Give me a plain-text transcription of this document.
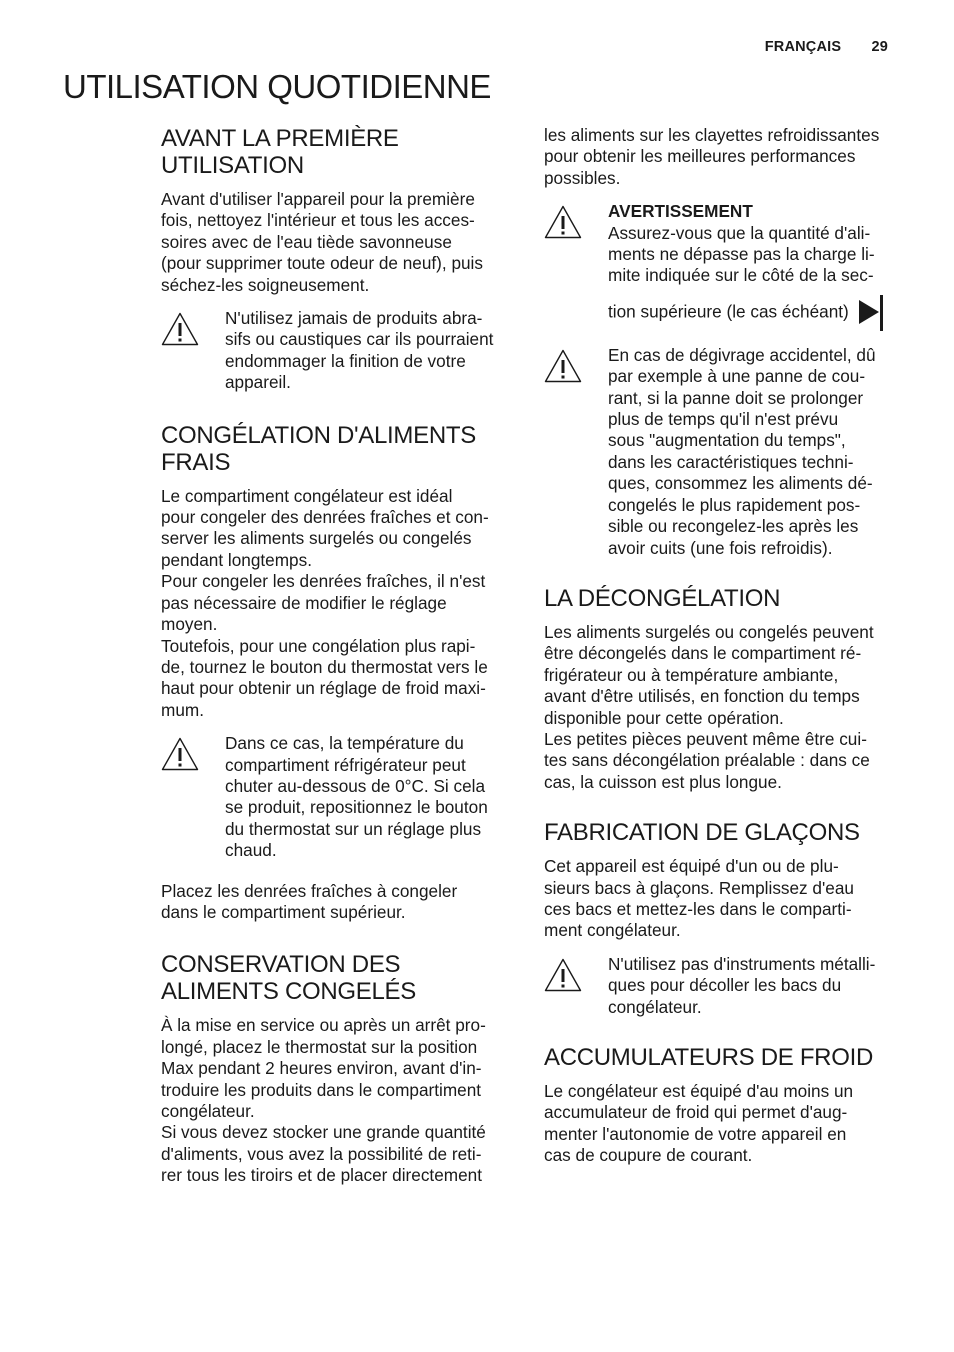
FRANÇAIS 29
UTILISATION QUOTIDIENNE
AVANT LA PREMIÈRE
UTILISATION

Avant d'utiliser l'appareil pour la première
fois, nettoyez l'intérieur et tous les acces-
soires avec de l'eau tiède savonneuse
(pour supprimer toute odeur de neuf), puis
séchez-les soigneusement.

N'utilisez jamais de produits abra-
sifs ou caustiques car ils pourraient
endommager la finition de votre
appareil.

CONGÉLATION D'ALIMENTS
FRAIS

Le compartiment congélateur est idéal
pour congeler des denrées fraîches et con-
server les aliments surgelés ou congelés
pendant longtemps.
Pour congeler les denrées fraîches, il n'est
pas nécessaire de modifier le réglage
moyen.
Toutefois, pour une congélation plus rapi-
de, tournez le bouton du thermostat vers le
haut pour obtenir un réglage de froid maxi-
mum.

Dans ce cas, la température du
compartiment réfrigérateur peut
chuter au-dessous de 0°C. Si cela
se produit, repositionnez le bouton
du thermostat sur un réglage plus
chaud.

Placez les denrées fraîches à congeler
dans le compartiment supérieur.

CONSERVATION DES
ALIMENTS CONGELÉS

À la mise en service ou après un arrêt pro-
longé, placez le thermostat sur la position
Max pendant 2 heures environ, avant d'in-
troduire les produits dans le compartiment
congélateur.
Si vous devez stocker une grande quantité
d'aliments, vous avez la possibilité de reti-
rer tous les tiroirs et de placer directement

les aliments sur les clayettes refroidissantes
pour obtenir les meilleures performances
possibles.

AVERTISSEMENT
Assurez-vous que la quantité d'ali-
ments ne dépasse pas la charge li-
mite indiquée sur le côté de la sec-

tion supérieure (le cas échéant)

En cas de dégivrage accidentel, dû
par exemple à une panne de cou-
rant, si la panne doit se prolonger
plus de temps qu'il n'est prévu
sous "augmentation du temps",
dans les caractéristiques techni-
ques, consommez les aliments dé-
congelés le plus rapidement pos-
sible ou recongelez-les après les
avoir cuits (une fois refroidis).

LA DÉCONGÉLATION

Les aliments surgelés ou congelés peuvent
être décongelés dans le compartiment ré-
frigérateur ou à température ambiante,
avant d'être utilisés, en fonction du temps
disponible pour cette opération.
Les petites pièces peuvent même être cui-
tes sans décongélation préalable : dans ce
cas, la cuisson est plus longue.

FABRICATION DE GLAÇONS

Cet appareil est équipé d'un ou de plu-
sieurs bacs à glaçons. Remplissez d'eau
ces bacs et mettez-les dans le comparti-
ment congélateur.

N'utilisez pas d'instruments métalli-
ques pour décoller les bacs du
congélateur.

ACCUMULATEURS DE FROID

Le congélateur est équipé d'au moins un
accumulateur de froid qui permet d'aug-
menter l'autonomie de votre appareil en
cas de coupure de courant.
